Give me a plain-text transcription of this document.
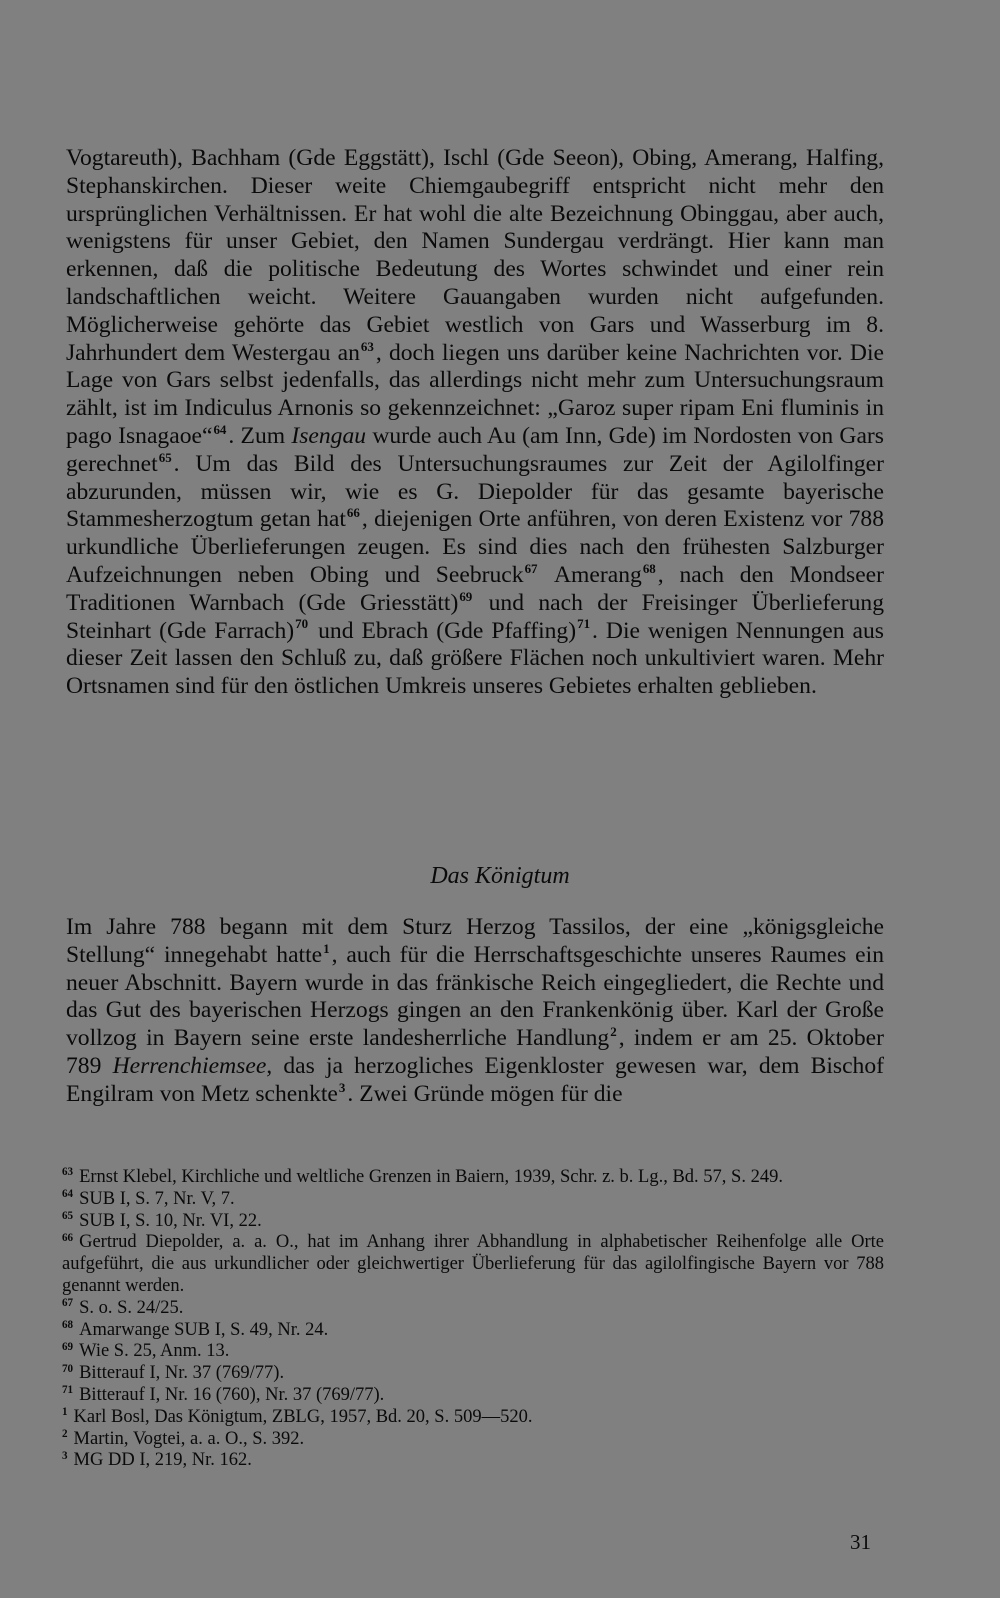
Vogtareuth), Bachham (Gde Eggstätt), Ischl (Gde Seeon), Obing, Amerang, Halfing, Stephanskirchen. Dieser weite Chiemgaubegriff entspricht nicht mehr den ursprünglichen Verhältnissen. Er hat wohl die alte Bezeichnung Obinggau, aber auch, wenigstens für unser Gebiet, den Namen Sundergau verdrängt. Hier kann man erkennen, daß die politische Bedeutung des Wortes schwindet und einer rein landschaftlichen weicht. Weitere Gauangaben wurden nicht aufgefunden. Möglicherweise gehörte das Gebiet westlich von Gars und Wasserburg im 8. Jahrhundert dem Westergau $an^{63}$, doch liegen uns darüber keine Nachrichten vor. Die Lage von Gars selbst jedenfalls, das allerdings nicht mehr zum Untersuchungsraum zählt, ist im Indiculus Arnonis so gekennzeichnet: „Garoz super ripam Eni fluminis in pago Isnagaoe“$^{64}$. Zum Isengau wurde auch Au (am Inn, Gde) im Nordosten von Gars gerechnet$^{65}$. Um das Bild des Untersuchungsraumes zur Zeit der Agilolfinger abzurunden, müssen wir, wie es G. Diepolder für das gesamte bayerische Stammesherzogtum getan hat$^{66}$, diejenigen Orte anführen, von deren Existenz vor 788 urkundliche Überlieferungen zeugen. Es sind dies nach den frühesten Salzburger Aufzeichnungen neben Obing und Seebruck$^{67}$ Amerang$^{68}$, nach den Mondseer Traditionen Warnbach (Gde Griesstätt)$^{69}$ und nach der Freisinger Überlieferung Steinhart (Gde Farrach)$^{70}$ und Ebrach (Gde Pfaffing)$^{71}$. Die wenigen Nennungen aus dieser Zeit lassen den Schluß zu, daß größere Flächen noch unkultiviert waren. Mehr Ortsnamen sind für den östlichen Umkreis unseres Gebietes erhalten geblieben.

Das Königtum

Im Jahre 788 begann mit dem Sturz Herzog Tassilos, der eine „königsgleiche Stellung“ innegehabt hatte$^1$, auch für die Herrschaftsgeschichte unseres Raumes ein neuer Abschnitt. Bayern wurde in das fränkische Reich eingegliedert, die Rechte und das Gut des bayerischen Herzogs gingen an den Frankenkönig über. Karl der Große vollzog in Bayern seine erste landesherrliche Handlung$^2$, indem er am 25. Oktober 789 Herrenchiemsee, das ja herzogliches Eigenkloster gewesen war, dem Bischof Engilram von Metz schenkte$^3$. Zwei Gründe mögen für die

$^{63}$ Ernst Klebel, Kirchliche und weltliche Grenzen in Baiern, 1939, Schr. z. b. Lg., Bd. 57, S. 249.

$^{64}$ SUB I, S. 7, Nr. V, 7.

$^{65}$ SUB I, S. 10, Nr. VI, 22.

$^{66}$ Gertrud Diepolder, a. a. O., hat im Anhang ihrer Abhandlung in alphabetischer Reihenfolge alle Orte aufgeführt, die aus urkundlicher oder gleichwertiger Überlieferung für das agilolfingische Bayern vor 788 genannt werden.

$^{67}$ S. o. S. 24/25.

$^{68}$ Amarwange SUB I, S. 49, Nr. 24.

$^{69}$ Wie S. 25, Anm. 13.

$^{70}$ Bitterauf I, Nr. 37 (769/77).

$^{71}$ Bitterauf I, Nr. 16 (760), Nr. 37 (769/77).

$^1$ Karl Bosl, Das Königtum, ZBLG, 1957, Bd. 20, S. 509—520.

$^2$ Martin, Vogtei, a. a. O., S. 392.

$^3$ MG DD I, 219, Nr. 162.

31
